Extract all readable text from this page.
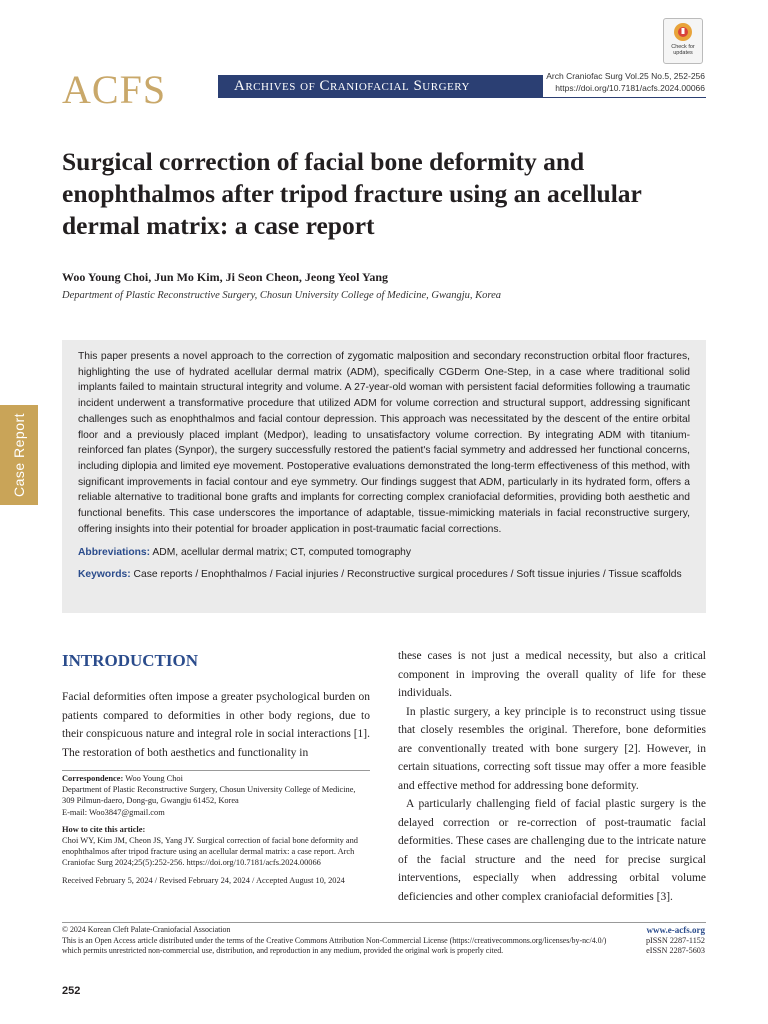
Check for
updates
ACFS	Archives of Craniofacial Surgery
Arch Craniofac Surg Vol.25 No.5, 252-256
https://doi.org/10.7181/acfs.2024.00066
Case Report
Surgical correction of facial bone deformity and enophthalmos after tripod fracture using an acellular dermal matrix: a case report
Woo Young Choi, Jun Mo Kim, Ji Seon Cheon, Jeong Yeol Yang
Department of Plastic Reconstructive Surgery, Chosun University College of Medicine, Gwangju, Korea

This paper presents a novel approach to the correction of zygomatic malposition and secondary reconstruction orbital floor fractures, highlighting the use of hydrated acellular dermal matrix (ADM), specifically CGDerm One-Step, in a case where traditional solid implants failed to maintain structural integrity and volume. A 27-year-old woman with persistent facial deformities following a traumatic incident underwent a transformative procedure that utilized ADM for volume correction and structural support, addressing significant challenges such as enophthalmos and facial contour depression. This approach was necessitated by the descent of the entire orbital floor and a previously placed implant (Medpor), leading to unsatisfactory volume correction. By integrating ADM with titanium-reinforced fan plates (Synpor), the surgery successfully restored the patient's facial symmetry and addressed her functional concerns, including diplopia and limited eye movement. Postoperative evaluations demonstrated the long-term effectiveness of this method, with significant improvements in facial contour and eye symmetry. Our findings suggest that ADM, particularly in its hydrated form, offers a reliable alternative to traditional bone grafts and implants for correcting complex craniofacial deformities, providing both aesthetic and functional benefits. This case underscores the importance of adaptable, tissue-mimicking materials in facial reconstructive surgery, offering insights into their potential for broader application in post-traumatic facial corrections.

Abbreviations: ADM, acellular dermal matrix; CT, computed tomography

Keywords: Case reports / Enophthalmos / Facial injuries / Reconstructive surgical procedures / Soft tissue injuries / Tissue scaffolds

INTRODUCTION

Facial deformities often impose a greater psychological burden on patients compared to deformities in other body regions, due to their conspicuous nature and integral role in social interactions [1]. The restoration of both aesthetics and functionality in

Correspondence: Woo Young Choi
Department of Plastic Reconstructive Surgery, Chosun University College of Medicine, 309 Pilmun-daero, Dong-gu, Gwangju 61452, Korea
E-mail: Woo3847@gmail.com
How to cite this article:
Choi WY, Kim JM, Cheon JS, Yang JY. Surgical correction of facial bone deformity and enophthalmos after tripod fracture using an acellular dermal matrix: a case report. Arch Craniofac Surg 2024;25(5):252-256. https://doi.org/10.7181/acfs.2024.00066
Received February 5, 2024 / Revised February 24, 2024 / Accepted August 10, 2024

these cases is not just a medical necessity, but also a critical component in improving the overall quality of life for these individuals.

In plastic surgery, a key principle is to reconstruct using tissue that closely resembles the original. Therefore, bone deformities are conventionally treated with bone surgery [2]. However, in certain situations, correcting soft tissue may offer a more feasible and effective method for addressing bone deformity.

A particularly challenging field of facial plastic surgery is the delayed correction or re-correction of post-traumatic facial deformities. These cases are challenging due to the intricate nature of the facial structure and the need for precise surgical interventions, especially when addressing orbital volume deficiencies and other complex craniofacial deformities [3].

© 2024 Korean Cleft Palate-Craniofacial Association
This is an Open Access article distributed under the terms of the Creative Commons Attribution Non-Commercial License (https://creativecommons.org/licenses/by-nc/4.0/) which permits unrestricted non-commercial use, distribution, and reproduction in any medium, provided the original work is properly cited.
www.e-acfs.org
pISSN 2287-1152
eISSN 2287-5603
252
